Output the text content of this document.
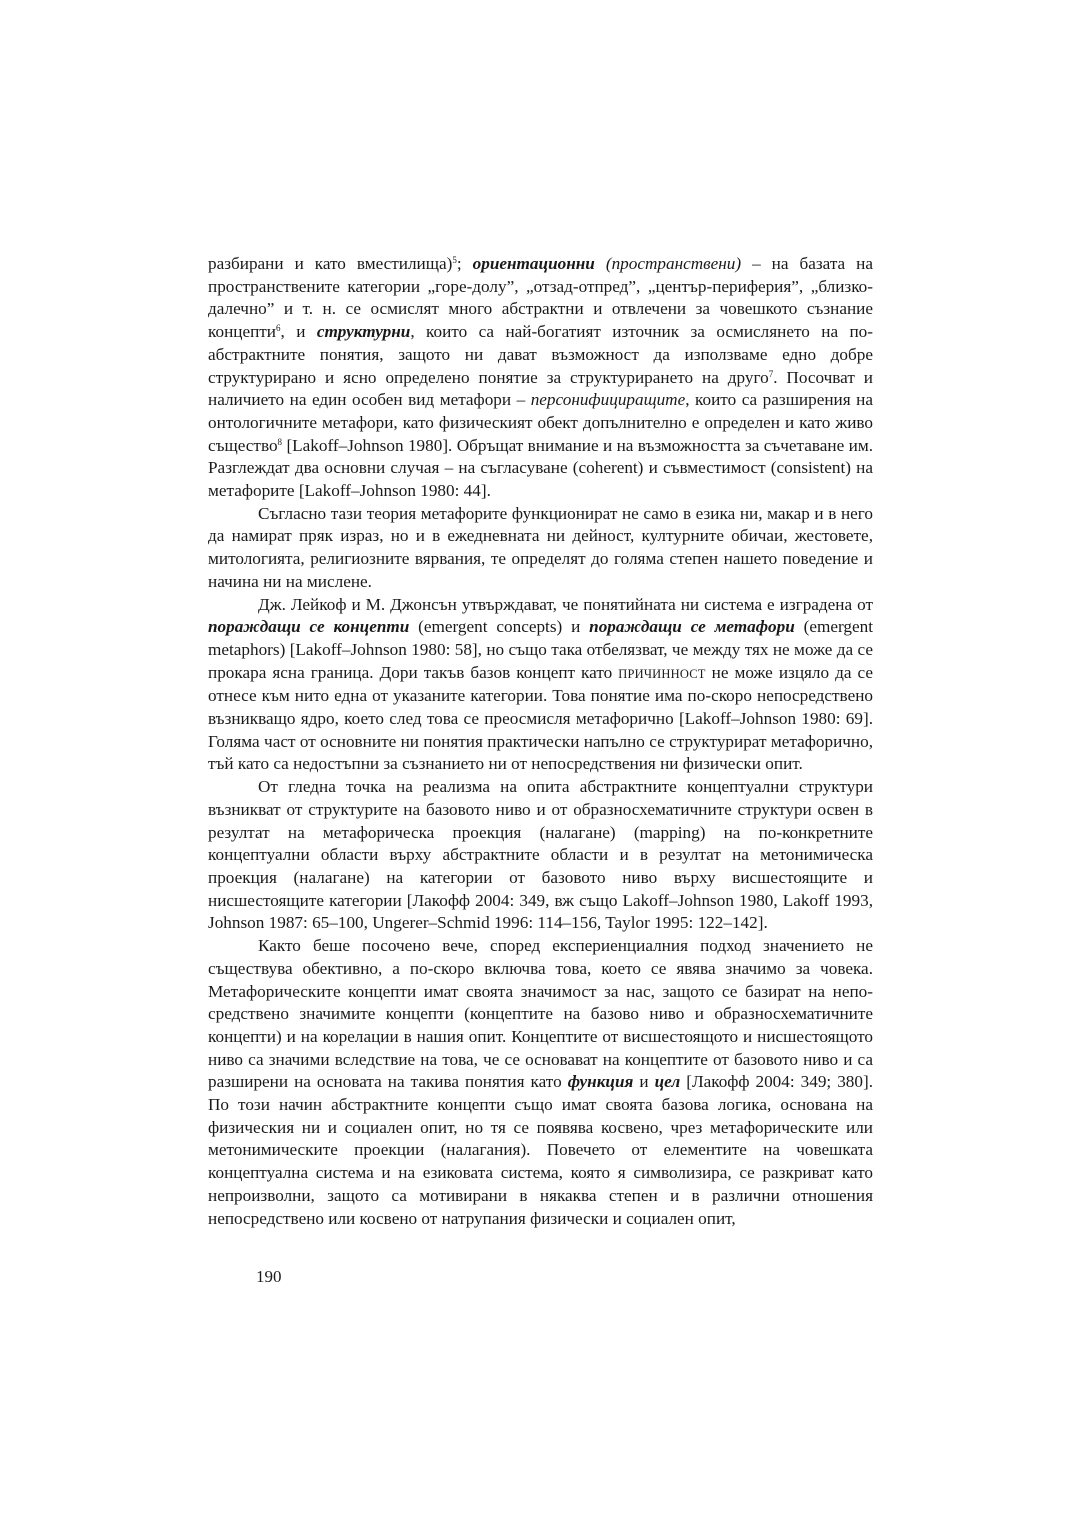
разбирани и като вместилища)$^5$; ориентационни (пространствени) – на базата на пространствените категории „горе-долу”, „отзад-отпред”, „център-периферия”, „близко-далечно” и т. н. се осмислят много абстрактни и отвлечени за човешкото съзнание концепти$^6$, и структурни, които са най-богатият източник за осмислянето на по-абстрактните понятия, защото ни дават възможност да използваме едно добре структурирано и ясно определено понятие за структурирането на друго$^7$. Посочват и наличието на един особен вид метафори – персонифициращите, които са разширения на онтологичните метафори, като физическият обект допълнително е определен и като живо същество$^8$ [Lakoff–Johnson 1980]. Обръщат внимание и на възможността за съчетаване им. Разглеждат два основни случая – на съгласуване (coherent) и съвместимост (consistent) на метафорите [Lakoff–Johnson 1980: 44].

Съгласно тази теория метафорите функционират не само в езика ни, макар и в него да намират пряк израз, но и в ежедневната ни дейност, културните обичаи, жестовете, митологията, религиозните вярвания, те определят до голяма степен нашето поведение и начина ни на мислене.

Дж. Лейкоф и М. Джонсън утвърждават, че понятийната ни система е изградена от пораждащи се концепти (emergent concepts) и пораждащи се метафори (emergent metaphors) [Lakoff–Johnson 1980: 58], но също така отбелязват, че между тях не може да се прокара ясна граница. Дори такъв базов концепт като ПРИЧИННОСТ не може изцяло да се отнесе към нито една от указаните категории. Това понятие има по-скоро непосредствено възникващо ядро, което след това се преосмисля метафорично [Lakoff–Johnson 1980: 69]. Голяма част от основните ни понятия практически напълно се структурират метафорично, тъй като са недостъпни за съзнанието ни от непосредствения ни физически опит.

От гледна точка на реализма на опита абстрактните концептуални структури възникват от структурите на базовото ниво и от образносхематичните структури освен в резултат на метафорическа проекция (налагане) (mapping) на по-конкретните концептуални области върху абстрактните области и в резултат на метонимическа проекция (налагане) на категории от базовото ниво върху висшестоящите и нисшестоящите категории [Лакофф 2004: 349, вж също Lakoff–Johnson 1980, Lakoff 1993, Johnson 1987: 65–100, Ungerer–Schmid 1996: 114–156, Taylor 1995: 122–142].

Както беше посочено вече, според експериенциалния подход значението не съществува обективно, а по-скоро включва това, което се явява значимо за човека. Метафорическите концепти имат своята значимост за нас, защото се базират на непосредствено значимите концепти (концептите на базово ниво и образносхематичните концепти) и на корелации в нашия опит. Концептите от висшестоящото и нисшестоящото ниво са значими вследствие на това, че се основават на концептите от базовото ниво и са разширени на основата на такива понятия като функция и цел [Лакофф 2004: 349; 380]. По този начин абстрактните концепти също имат своята базова логика, основана на физическия ни и социален опит, но тя се появява косвено, чрез метафорическите или метонимическите проекции (налагания). Повечето от елементите на човешката концептуална система и на езиковата система, която я символизира, се разкриват като непроизволни, защото са мотивирани в някаква степен и в различни отношения непосредствено или косвено от натрупания физически и социален опит,

190
